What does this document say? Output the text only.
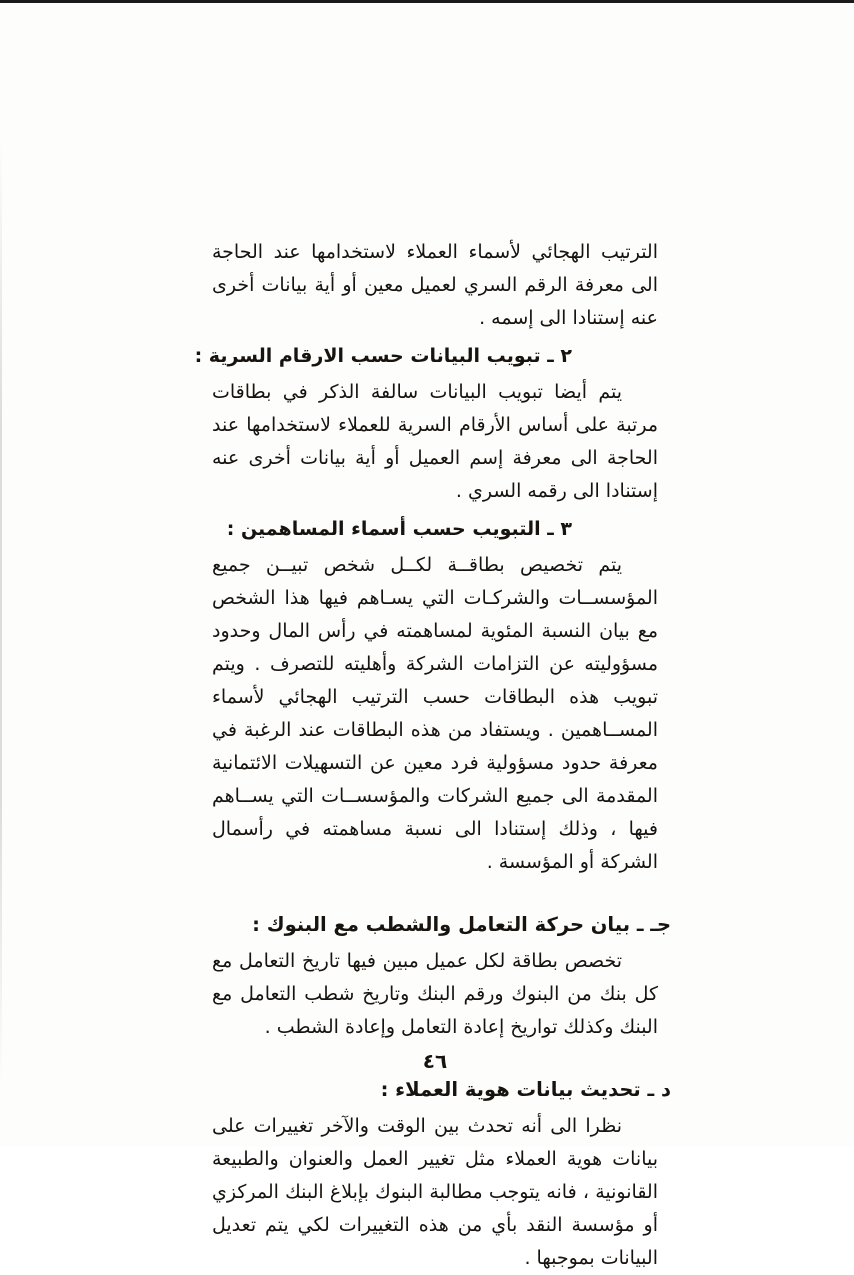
الترتيب الهجائي لأسماء العملاء لاستخدامها عند الحاجة الى معرفة الرقم السري لعميل معين أو أية بيانات أخرى عنه إستنادا الى إسمه .

٢ ـ تبويب البيانات حسب الارقام السرية :

يتم أيضا تبويب البيانات سالفة الذكر في بطاقات مرتبة على أساس الأرقام السرية للعملاء لاستخدامها عند الحاجة الى معرفة إسم العميل أو أية بيانات أخرى عنه إستنادا الى رقمه السري .

٣ ـ التبويب حسب أسماء المساهمين :

يتم تخصيص بطاقــة لكــل شخص تبيــن جميع المؤسســات والشركـات التي يسـاهم فيها هذا الشخص مع بيان النسبة المئوية لمساهمته في رأس المال وحدود مسؤوليته عن التزامات الشركة وأهليته للتصرف . ويتم تبويب هذه البطاقات حسب الترتيب الهجائي لأسماء المســاهمين . ويستفاد من هذه البطاقات عند الرغبة في معرفة حدود مسؤولية فرد معين عن التسهيلات الائتمانية المقدمة الى جميع الشركات والمؤسســات التي يســاهم فيها ، وذلك إستنادا الى نسبة مساهمته في رأسمال الشركة أو المؤسسة .

جـ ـ بيان حركة التعامل والشطب مع البنوك :

تخصص بطاقة لكل عميل مبين فيها تاريخ التعامل مع كل بنك من البنوك ورقم البنك وتاريخ شطب التعامل مع البنك وكذلك تواريخ إعادة التعامل وإعادة الشطب .

د ـ تحديث بيانات هوية العملاء :

نظرا الى أنه تحدث بين الوقت والآخر تغييرات على بيانات هوية العملاء مثل تغيير العمل والعنوان والطبيعة القانونية ، فانه يتوجب مطالبة البنوك بإبلاغ البنك المركزي أو مؤسسة النقد بأي من هذه التغييرات لكي يتم تعديل البيانات بموجبها .

٤٦
